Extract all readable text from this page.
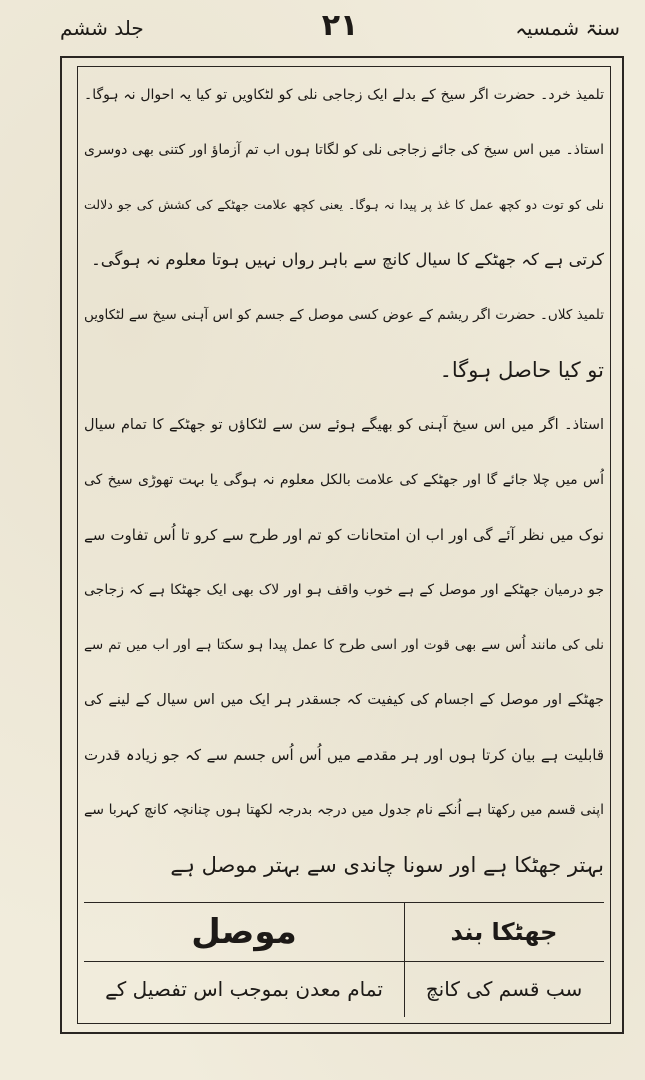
سنۃ شمسیہ
۲۱
جلد ششم
تلمیذ خرد۔ حضرت اگر سیخ کے بدلے ایک زجاجی نلی کو لٹکاویں تو کیا یہ احوال نہ ہوگا۔
استاذ۔ میں اس سیخ کی جائے زجاجی نلی کو لگاتا ہوں اب تم آزماؤ اور کتنی بھی دوسری
نلی کو توت دو کچھ عمل کا غذ پر پیدا نہ ہوگا۔ یعنی کچھ علامت جھٹکے کی کشش کی جو دلالت
کرتی ہے کہ جھٹکے کا سیال کانچ سے باہر رواں نہیں ہوتا معلوم نہ ہوگی۔
تلمیذ کلاں۔ حضرت اگر ریشم کے عوض کسی موصل کے جسم کو اس آہنی سیخ سے لٹکاویں
تو کیا حاصل ہوگا۔
استاذ۔ اگر میں اس سیخ آہنی کو بھیگے ہوئے سن سے لٹکاؤں تو جھٹکے کا تمام سیال
اُس میں چلا جائے گا اور جھٹکے کی علامت بالکل معلوم نہ ہوگی یا بہت تھوڑی سیخ کی
نوک میں نظر آئے گی اور اب ان امتحانات کو تم اور طرح سے کرو تا اُس تفاوت سے
جو درمیان جھٹکے اور موصل کے ہے خوب واقف ہو اور لاک بھی ایک جھٹکا ہے کہ زجاجی
نلی کی مانند اُس سے بھی قوت اور اسی طرح کا عمل پیدا ہو سکتا ہے اور اب میں تم سے
جھٹکے اور موصل کے اجسام کی کیفیت کہ جسقدر ہر ایک میں اس سیال کے لینے کی
قابلیت ہے بیان کرتا ہوں اور ہر مقدمے میں اُس اُس جسم سے کہ جو زیادہ قدرت
اپنی قسم میں رکھتا ہے اُنکے نام جدول میں درجہ بدرجہ لکھتا ہوں چنانچہ کانچ کہربا سے
بہتر جھٹکا ہے اور سونا چاندی سے بہتر موصل ہے
جھٹکا بند
موصل
سب قسم کی کانچ
تمام معدن بموجب اس تفصیل کے
